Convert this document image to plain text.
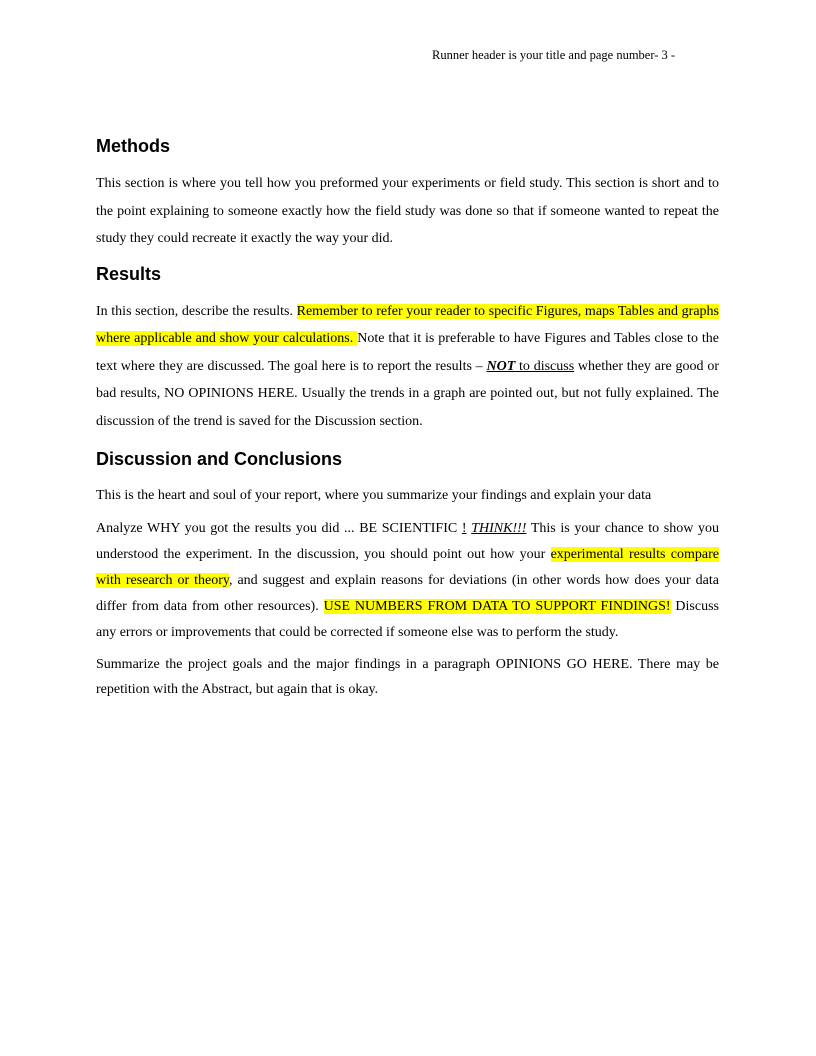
Runner header is your title and page number- 3 -
Methods

This section is where you tell how you preformed your experiments or field study. This section is short and to the point explaining to someone exactly how the field study was done so that if someone wanted to repeat the study they could recreate it exactly the way your did.

Results

In this section, describe the results. Remember to refer your reader to specific Figures, maps Tables and graphs where applicable and show your calculations. Note that it is preferable to have Figures and Tables close to the text where they are discussed. The goal here is to report the results – NOT to discuss whether they are good or bad results, NO OPINIONS HERE. Usually the trends in a graph are pointed out, but not fully explained. The discussion of the trend is saved for the Discussion section.

Discussion and Conclusions

This is the heart and soul of your report, where you summarize your findings and explain your data

Analyze WHY you got the results you did ... BE SCIENTIFIC ! THINK!!! This is your chance to show you understood the experiment. In the discussion, you should point out how your experimental results compare with research or theory, and suggest and explain reasons for deviations (in other words how does your data differ from data from other resources). USE NUMBERS FROM DATA TO SUPPORT FINDINGS! Discuss any errors or improvements that could be corrected if someone else was to perform the study.

Summarize the project goals and the major findings in a paragraph OPINIONS GO HERE. There may be repetition with the Abstract, but again that is okay.
